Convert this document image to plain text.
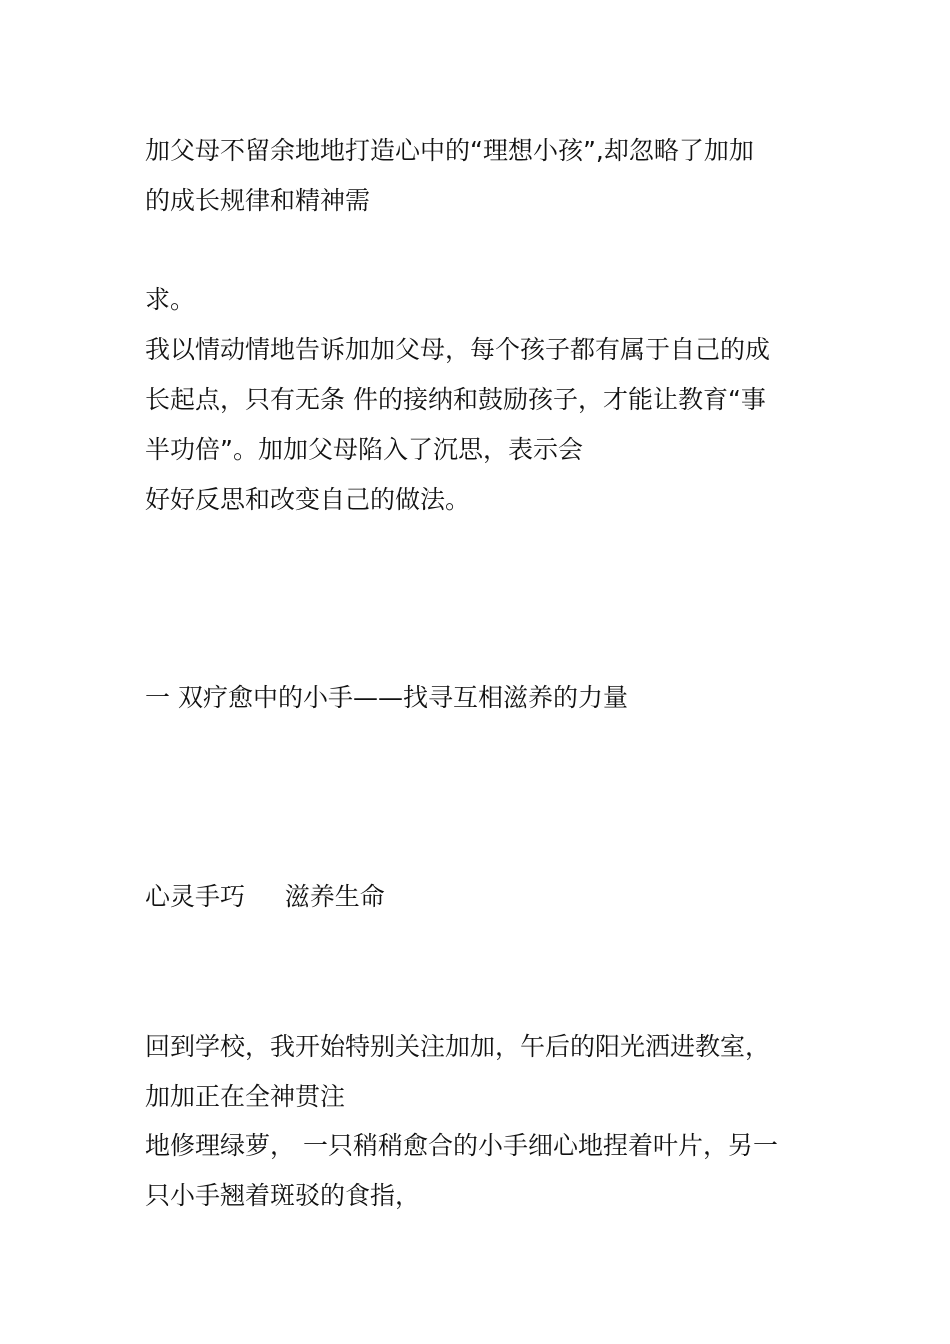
加父母不留余地地打造心中的“理想小孩”,却忽略了加加
的成长规律和精神需
求。
我以情动情地告诉加加父母，每个孩子都有属于自己的成
长起点，只有无条 件的接纳和鼓励孩子，才能让教育“事
半功倍”。加加父母陷入了沉思，表示会
好好反思和改变自己的做法。
一 双疗愈中的小手——找寻互相滋养的力量
心灵手巧     滋养生命
回到学校，我开始特别关注加加，午后的阳光洒进教室，
加加正在全神贯注
地修理绿萝， 一只稍稍愈合的小手细心地捏着叶片，另一
只小手翘着斑驳的食指，
